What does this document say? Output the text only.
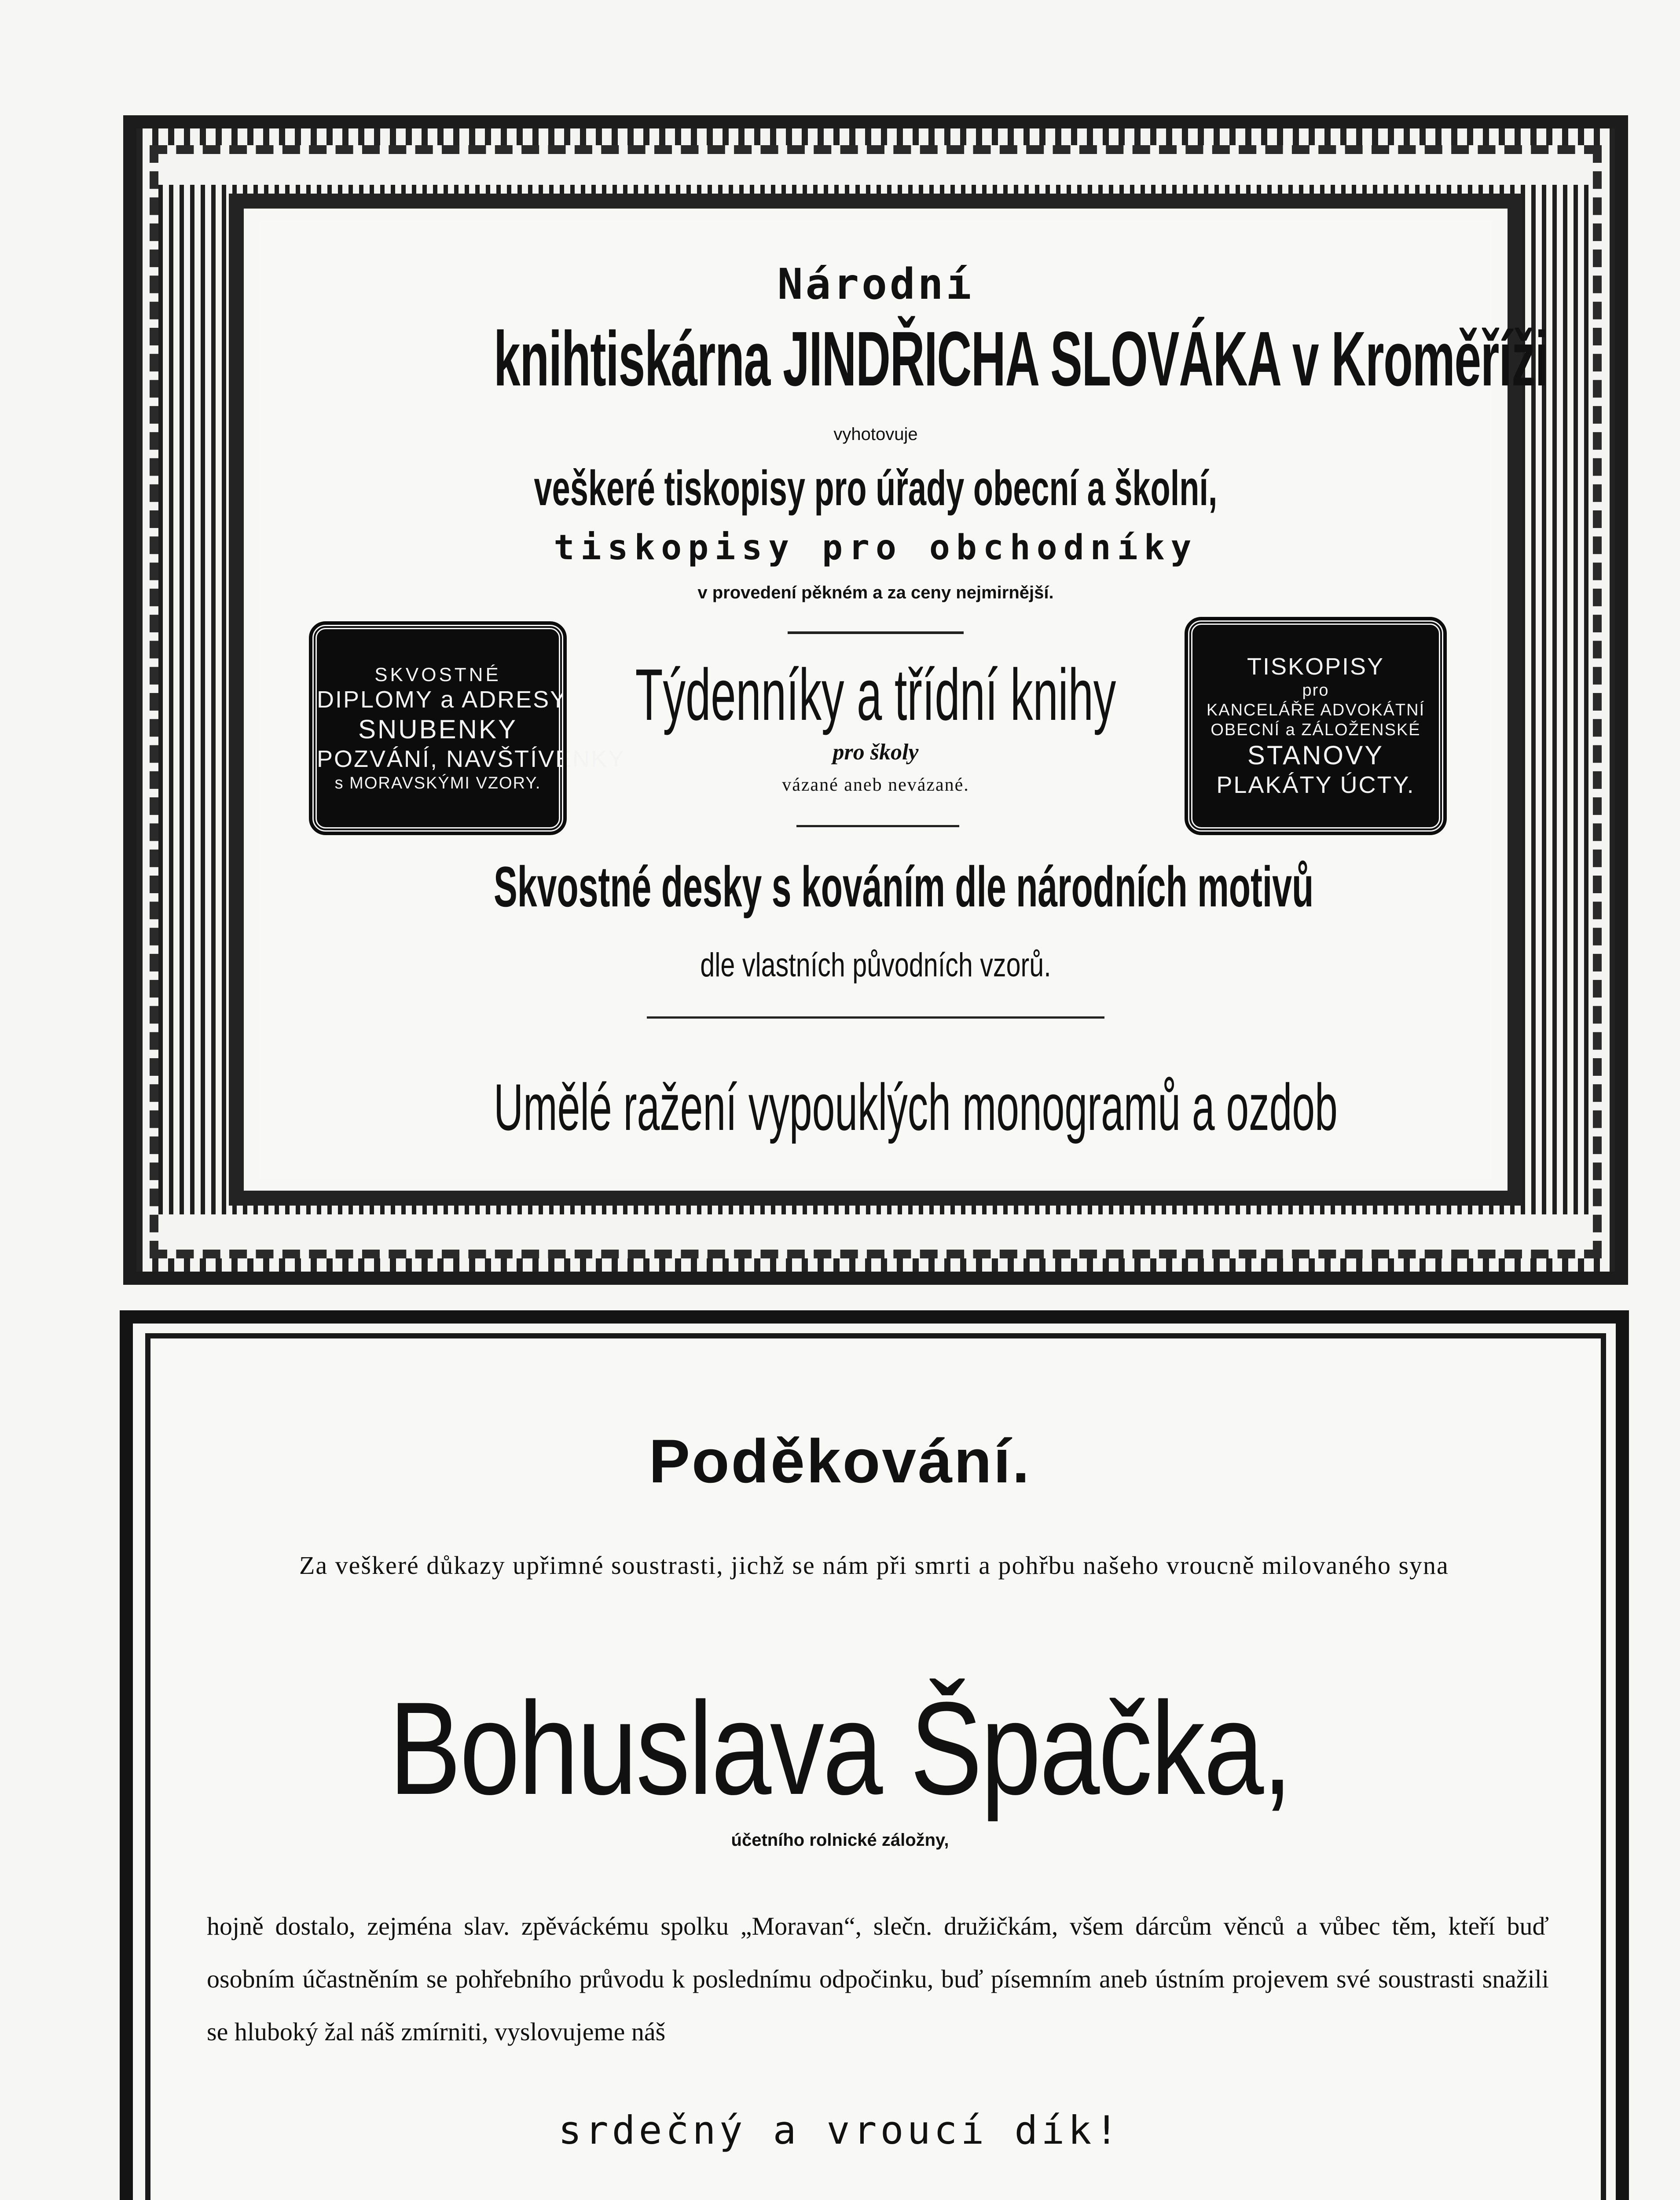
Národní
knihtiskárna JINDŘICHA SLOVÁKA v Kroměříži
vyhotovuje
veškeré tiskopisy pro úřady obecní a školní,
tiskopisy pro obchodníky
v provedení pěkném a za ceny nejmirnější.
Týdenníky a třídní knihy
pro školy
vázané aneb nevázané.
Skvostné desky s kováním dle národních motivů
dle vlastních původních vzorů.
Umělé ražení vypouklých monogramů a ozdob
SKVOSTNÉ
DIPLOMY a ADRESY
SNUBENKY
POZVÁNÍ, NAVŠTÍVENKY
s MORAVSKÝMI VZORY.
TISKOPISY
pro
KANCELÁŘE ADVOKÁTNÍ
OBECNÍ a ZÁLOŽENSKÉ
STANOVY
PLAKÁTY ÚCTY.
Poděkování.
Za veškeré důkazy upřimné soustrasti, jichž se nám při smrti a pohřbu našeho vroucně milovaného syna
Bohuslava Špačka,
účetního rolnické záložny,
hojně dostalo, zejména slav. zpěváckému spolku „Moravan“, slečn. družičkám, všem dárcům věnců a vůbec těm, kteří buď osobním účastněním se pohřebního průvodu k poslednímu odpočinku, buď písemním aneb ústním projevem své soustrasti snažili se hluboký žal náš zmírniti, vyslovujeme náš
srdečný a vroucí dík!
